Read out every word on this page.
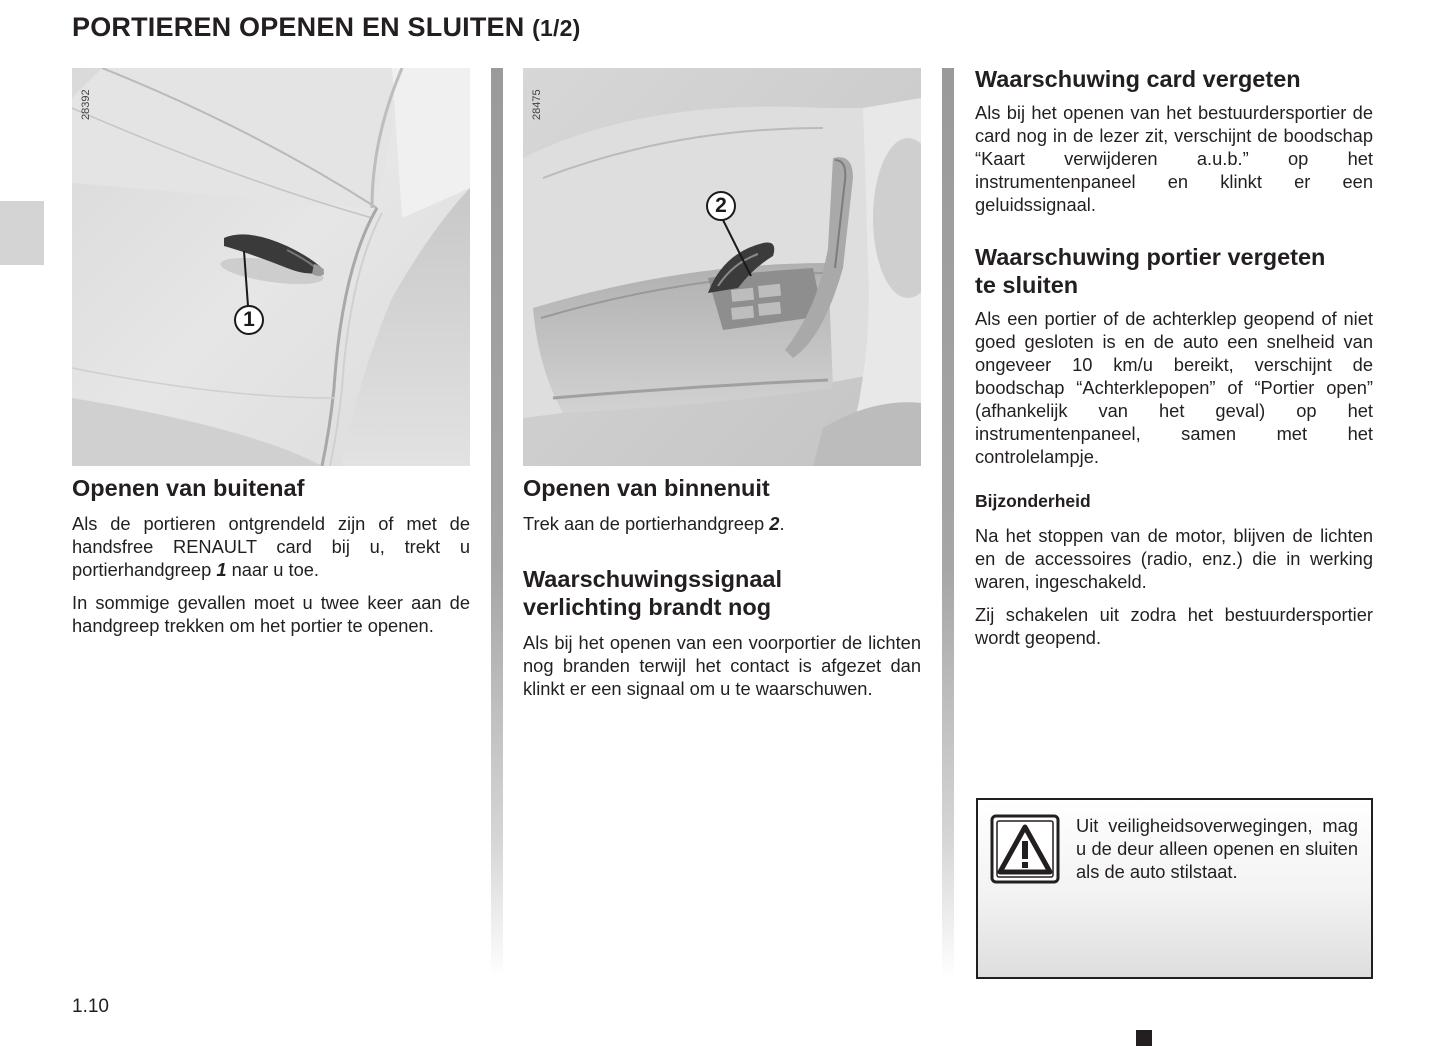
PORTIEREN OPENEN EN SLUITEN (1/2)
28392
1
28475
2
Openen van buitenaf

Als de portieren ontgrendeld zijn of met de handsfree RENAULT card bij u, trekt u portierhandgreep 1 naar u toe.

In sommige gevallen moet u twee keer aan de handgreep trekken om het portier te openen.

Openen van binnenuit

Trek aan de portierhandgreep 2.

Waarschuwingssignaal
verlichting brandt nog

Als bij het openen van een voorportier de lichten nog branden terwijl het contact is afgezet dan klinkt er een signaal om u te waarschuwen.

Waarschuwing card vergeten

Als bij het openen van het bestuurdersportier de card nog in de lezer zit, verschijnt de boodschap “Kaart verwijderen a.u.b.” op het instrumentenpaneel en klinkt er een geluidssignaal.

Waarschuwing portier vergeten
te sluiten

Als een portier of de achterklep geopend of niet goed gesloten is en de auto een snelheid van ongeveer 10 km/u bereikt, verschijnt de boodschap “Achterklepopen” of “Portier open” (afhankelijk van het geval) op het instrumentenpaneel, samen met het controlelampje.

Bijzonderheid

Na het stoppen van de motor, blijven de lichten en de accessoires (radio, enz.) die in werking waren, ingeschakeld.

Zij schakelen uit zodra het bestuurdersportier wordt geopend.

Uit veiligheidsoverwegingen, mag u de deur alleen openen en sluiten als de auto stilstaat.

1.10
